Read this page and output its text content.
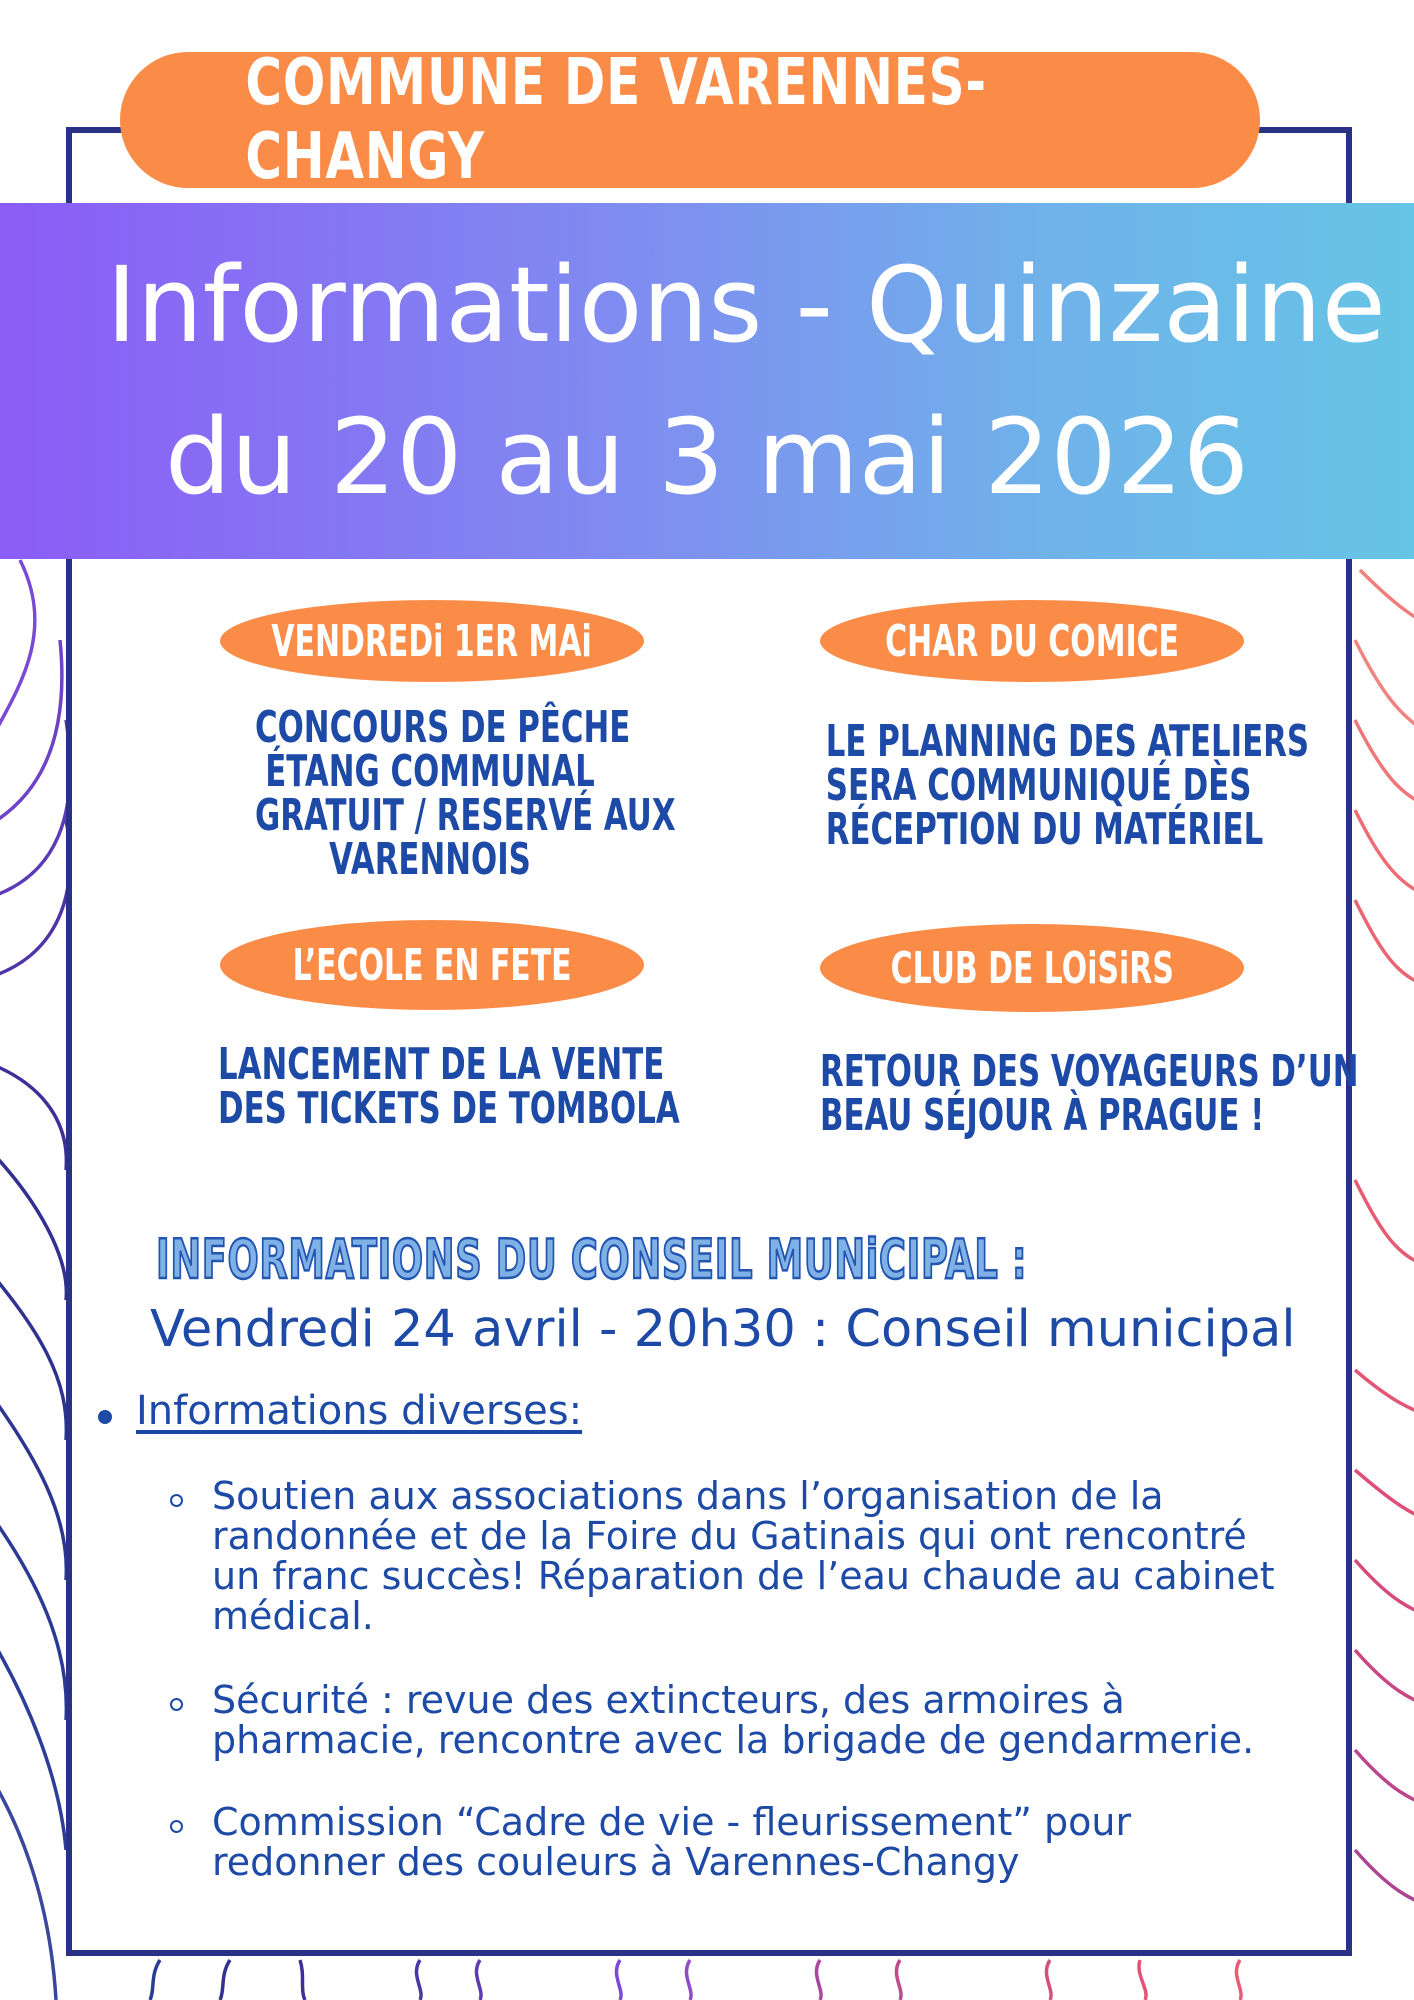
COMMUNE DE VARENNES-CHANGY
Informations - Quinzaine
du 20 au 3 mai 2026
VENDREDi 1ER MAi
CONCOURS DE PÊCHE
ÉTANG COMMUNAL
GRATUIT / RESERVÉ AUX
VARENNOIS
CHAR DU COMICE
LE PLANNING DES ATELIERS
SERA COMMUNIQUÉ DÈS
RÉCEPTION DU MATÉRIEL
L’ECOLE EN FETE
LANCEMENT DE LA VENTE
DES TICKETS DE TOMBOLA
CLUB DE LOiSiRS
RETOUR DES VOYAGEURS D’UN
BEAU SÉJOUR À PRAGUE !
INFORMATIONS DU CONSEIL MUNiCIPAL :
Vendredi 24 avril - 20h30 : Conseil municipal
Informations diverses:
Soutien aux associations dans l’organisation de la
randonnée et de la Foire du Gatinais qui ont rencontré
un franc succès! Réparation de l’eau chaude au cabinet
médical.
Sécurité : revue des extincteurs, des armoires à
pharmacie, rencontre avec la brigade de gendarmerie.
Commission “Cadre de vie - fleurissement” pour
redonner des couleurs à Varennes-Changy
